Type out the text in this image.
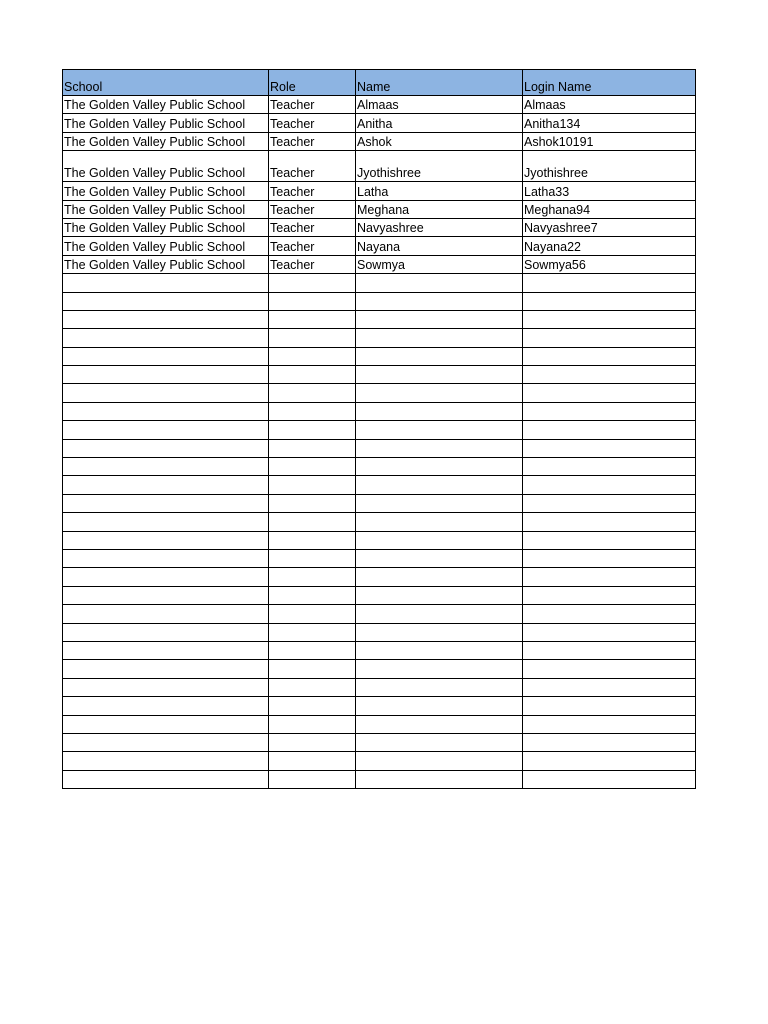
School	Role	Name	Login Name
The Golden Valley Public School	Teacher	Almaas	Almaas
The Golden Valley Public School	Teacher	Anitha	Anitha134
The Golden Valley Public School	Teacher	Ashok	Ashok10191
The Golden Valley Public School	Teacher	Jyothishree	Jyothishree
The Golden Valley Public School	Teacher	Latha	Latha33
The Golden Valley Public School	Teacher	Meghana	Meghana94
The Golden Valley Public School	Teacher	Navyashree	Navyashree7
The Golden Valley Public School	Teacher	Nayana	Nayana22
The Golden Valley Public School	Teacher	Sowmya	Sowmya56
